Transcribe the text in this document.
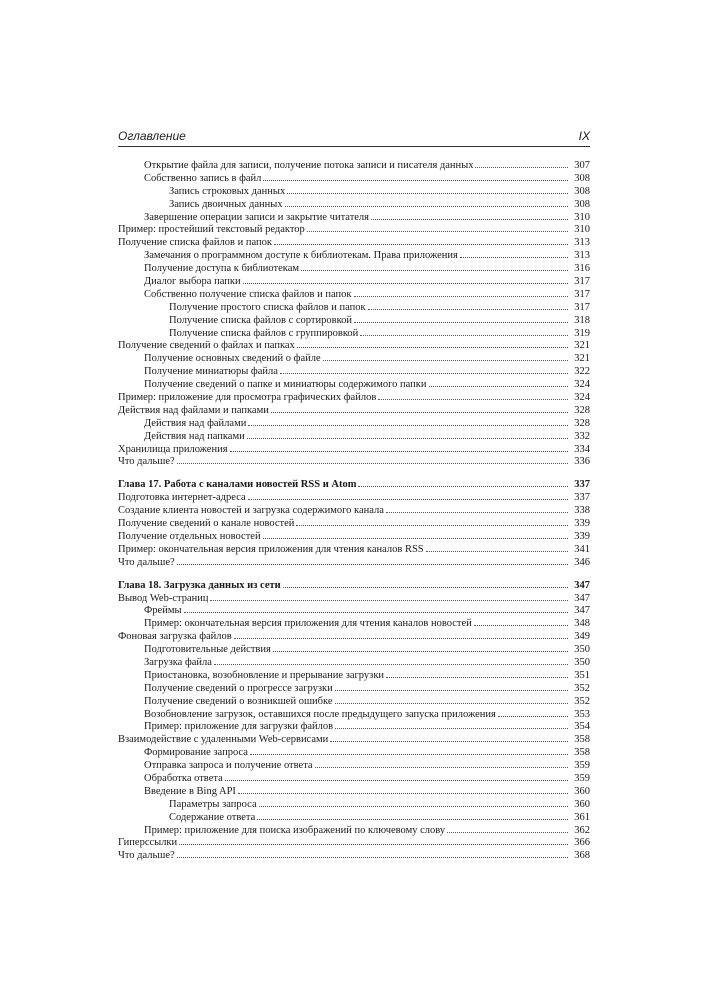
Оглавление	IX
Открытие файла для записи, получение потока записи и писателя данных	307
Собственно запись в файл	308
Запись строковых данных	308
Запись двоичных данных	308
Завершение операции записи и закрытие читателя	310
Пример: простейший текстовый редактор	310
Получение списка файлов и папок	313
Замечания о программном доступе к библиотекам. Права приложения	313
Получение доступа к библиотекам	316
Диалог выбора папки	317
Собственно получение списка файлов и папок	317
Получение простого списка файлов и папок	317
Получение списка файлов с сортировкой	318
Получение списка файлов с группировкой	319
Получение сведений о файлах и папках	321
Получение основных сведений о файле	321
Получение миниатюры файла	322
Получение сведений о папке и миниатюры содержимого папки	324
Пример: приложение для просмотра графических файлов	324
Действия над файлами и папками	328
Действия над файлами	328
Действия над папками	332
Хранилища приложения	334
Что дальше?	336
Глава 17. Работа с каналами новостей RSS и Atom	337
Подготовка интернет-адреса	337
Создание клиента новостей и загрузка содержимого канала	338
Получение сведений о канале новостей	339
Получение отдельных новостей	339
Пример: окончательная версия приложения для чтения каналов RSS	341
Что дальше?	346
Глава 18. Загрузка данных из сети	347
Вывод Web-страниц	347
Фреймы	347
Пример: окончательная версия приложения для чтения каналов новостей	348
Фоновая загрузка файлов	349
Подготовительные действия	350
Загрузка файла	350
Приостановка, возобновление и прерывание загрузки	351
Получение сведений о прогрессе загрузки	352
Получение сведений о возникшей ошибке	352
Возобновление загрузок, оставшихся после предыдущего запуска приложения	353
Пример: приложение для загрузки файлов	354
Взаимодействие с удаленными Web-сервисами	358
Формирование запроса	358
Отправка запроса и получение ответа	359
Обработка ответа	359
Введение в Bing API	360
Параметры запроса	360
Содержание ответа	361
Пример: приложение для поиска изображений по ключевому слову	362
Гиперссылки	366
Что дальше?	368
